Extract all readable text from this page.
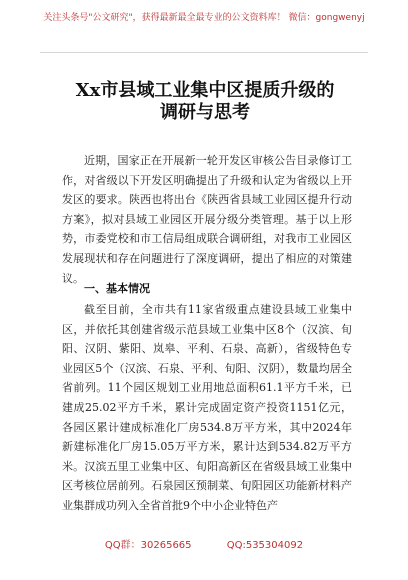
关注头条号"公文研究"，获得最新最全最专业的公文资料库！ 微信：gongwenyj
Xx市县域工业集中区提质升级的调研与思考
近期，国家正在开展新一轮开发区审核公告目录修订工作，对省级以下开发区明确提出了升级和认定为省级以上开发区的要求。陕西也将出台《陕西省县域工业园区提升行动方案》，拟对县域工业园区开展分级分类管理。基于以上形势，市委党校和市工信局组成联合调研组，对我市工业园区发展现状和存在问题进行了深度调研，提出了相应的对策建议。
一、基本情况
截至目前，全市共有11家省级重点建设县域工业集中区，并依托其创建省级示范县域工业集中区8个（汉滨、旬阳、汉阴、紫阳、岚皋、平利、石泉、高新），省级特色专业园区5个（汉滨、石泉、平利、旬阳、汉阴），数量均居全省前列。11个园区规划工业用地总面积61.1平方千米，已建成25.02平方千米，累计完成固定资产投资1151亿元，各园区累计建成标准化厂房534.8万平方米，其中2024年新建标准化厂房15.05万平方米，累计达到534.82万平方米。汉滨五里工业集中区、旬阳高新区在省级县域工业集中区考核位居前列。石泉园区预制菜、旬阳园区功能新材料产业集群成功列入全省首批9个中小企业特色产
QQ群：30265665	QQ:535304092
